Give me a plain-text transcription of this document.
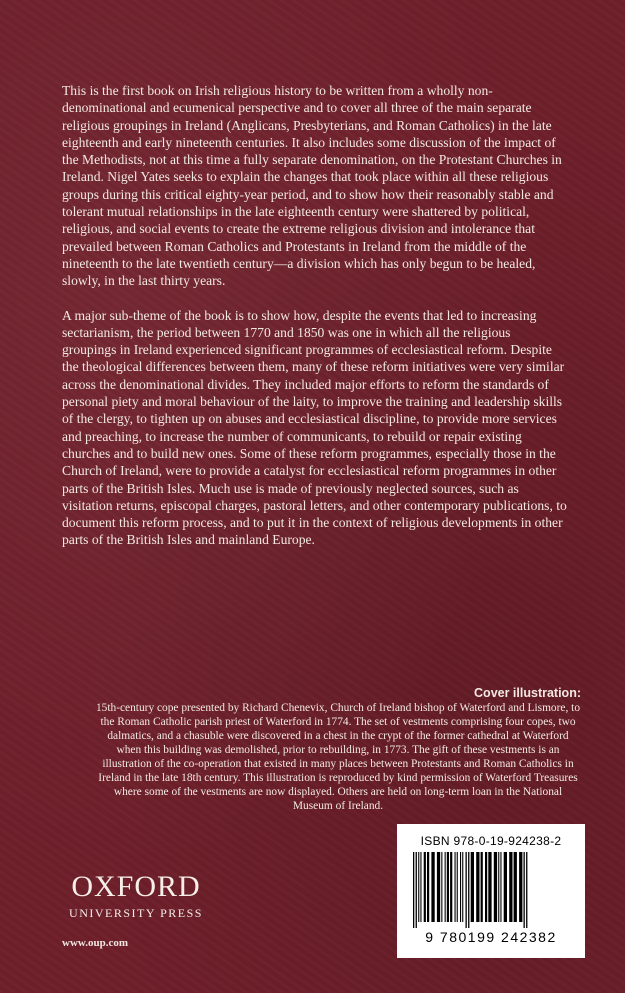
This is the first book on Irish religious history to be written from a wholly non-denominational and ecumenical perspective and to cover all three of the main separate religious groupings in Ireland (Anglicans, Presbyterians, and Roman Catholics) in the late eighteenth and early nineteenth centuries. It also includes some discussion of the impact of the Methodists, not at this time a fully separate denomination, on the Protestant Churches in Ireland. Nigel Yates seeks to explain the changes that took place within all these religious groups during this critical eighty-year period, and to show how their reasonably stable and tolerant mutual relationships in the late eighteenth century were shattered by political, religious, and social events to create the extreme religious division and intolerance that prevailed between Roman Catholics and Protestants in Ireland from the middle of the nineteenth to the late twentieth century—a division which has only begun to be healed, slowly, in the last thirty years.

A major sub-theme of the book is to show how, despite the events that led to increasing sectarianism, the period between 1770 and 1850 was one in which all the religious groupings in Ireland experienced significant programmes of ecclesiastical reform. Despite the theological differences between them, many of these reform initiatives were very similar across the denominational divides. They included major efforts to reform the standards of personal piety and moral behaviour of the laity, to improve the training and leadership skills of the clergy, to tighten up on abuses and ecclesiastical discipline, to provide more services and preaching, to increase the number of communicants, to rebuild or repair existing churches and to build new ones. Some of these reform programmes, especially those in the Church of Ireland, were to provide a catalyst for ecclesiastical reform programmes in other parts of the British Isles. Much use is made of previously neglected sources, such as visitation returns, episcopal charges, pastoral letters, and other contemporary publications, to document this reform process, and to put it in the context of religious developments in other parts of the British Isles and mainland Europe.

Cover illustration:
15th-century cope presented by Richard Chenevix, Church of Ireland bishop of Waterford and Lismore, to the Roman Catholic parish priest of Waterford in 1774. The set of vestments comprising four copes, two dalmatics, and a chasuble were discovered in a chest in the crypt of the former cathedral at Waterford when this building was demolished, prior to rebuilding, in 1773. The gift of these vestments is an illustration of the co-operation that existed in many places between Protestants and Roman Catholics in Ireland in the late 18th century. This illustration is reproduced by kind permission of Waterford Treasures where some of the vestments are now displayed. Others are held on long-term loan in the National Museum of Ireland.
OXFORD
UNIVERSITY PRESS
www.oup.com
ISBN 978-0-19-924238-2
9 780199 242382
